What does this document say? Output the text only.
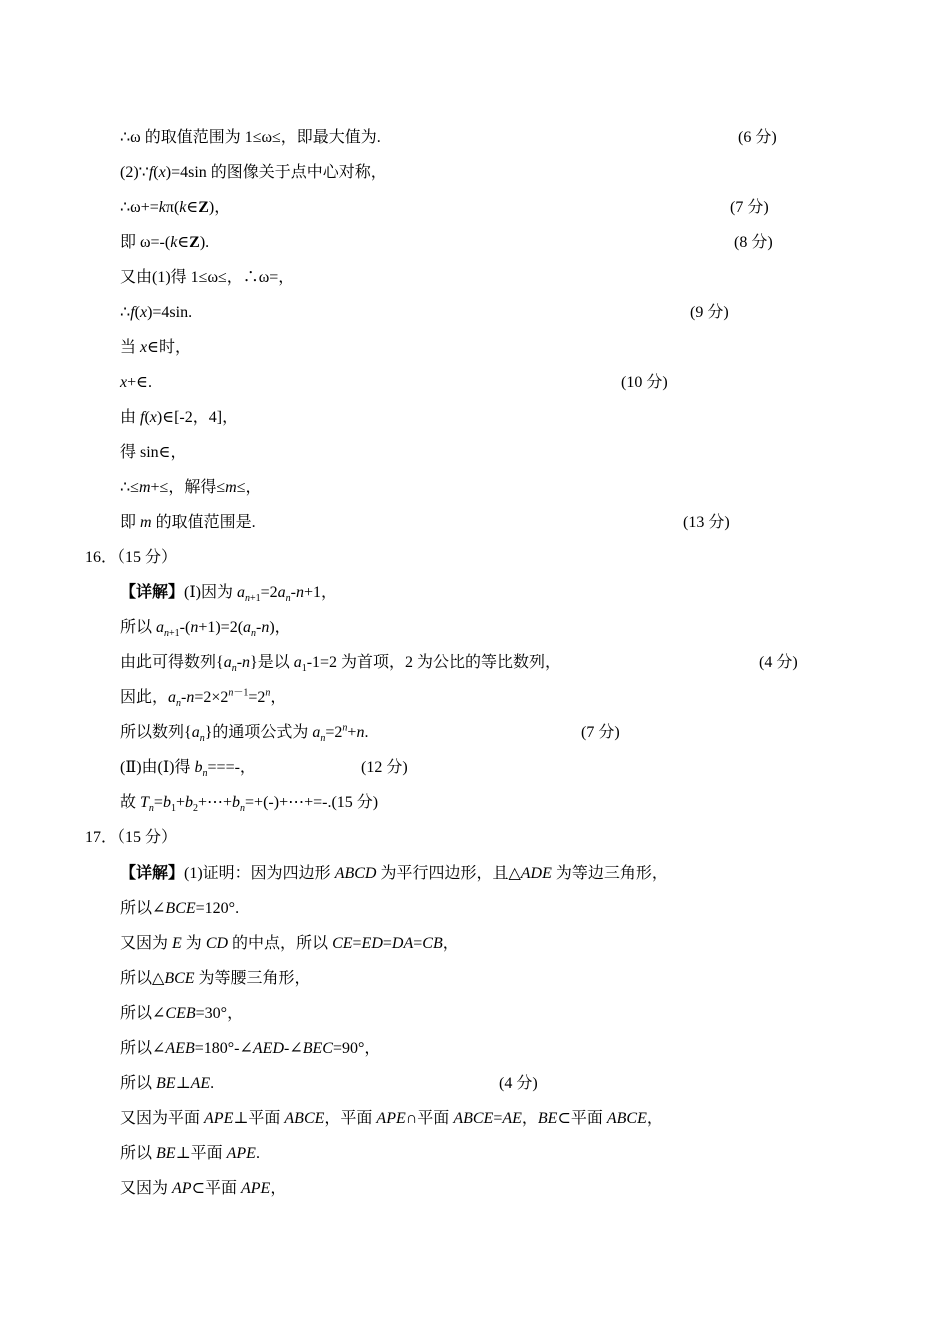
∴ω 的取值范围为 1≤ω≤，即最大值为.	(6 分)
(2)∵f(x)=4sin 的图像关于点中心对称，
∴ω+=kπ(k∈Z)，	(7 分)
即 ω=-(k∈Z).	(8 分)
又由(1)得 1≤ω≤，∴ω=，
∴f(x)=4sin.	(9 分)
当 x∈时，
x+∈.	(10 分)
由 f(x)∈[-2，4]，
得 sin∈，
∴≤m+≤，解得≤m≤，
即 m 的取值范围是.	(13 分)
16．（15 分）
【详解】(Ⅰ)因为 $a_{n+1}=2a_n-n+1$，
所以 $a_{n+1}-(n+1)=2(a_n-n)$，
由此可得数列$\{a_n-n\}$是以 $a_1-1=2$ 为首项，2 为公比的等比数列，	(4 分)
因此，$a_n-n=2\times 2^{n-1}=2^n$，
所以数列$\{a_n\}$的通项公式为 $a_n=2^n+n$.	(7 分)
(Ⅱ)由(Ⅰ)得 $b_n===-$，	(12 分)
故 $T_n=b_1+b_2+\cdots+b_n=+(-)+\cdots+=-.(15$ 分)
17．（15 分）
【详解】(1)证明：因为四边形 ABCD 为平行四边形，且△ADE 为等边三角形，
所以∠BCE=120°.
又因为 E 为 CD 的中点，所以 CE=ED=DA=CB，
所以△BCE 为等腰三角形，
所以∠CEB=30°，
所以∠AEB=180°-∠AED-∠BEC=90°，
所以 BE⊥AE.	(4 分)
又因为平面 APE⊥平面 ABCE，平面 APE∩平面 ABCE=AE，BE⊂平面 ABCE，
所以 BE⊥平面 APE.
又因为 AP⊂平面 APE，
